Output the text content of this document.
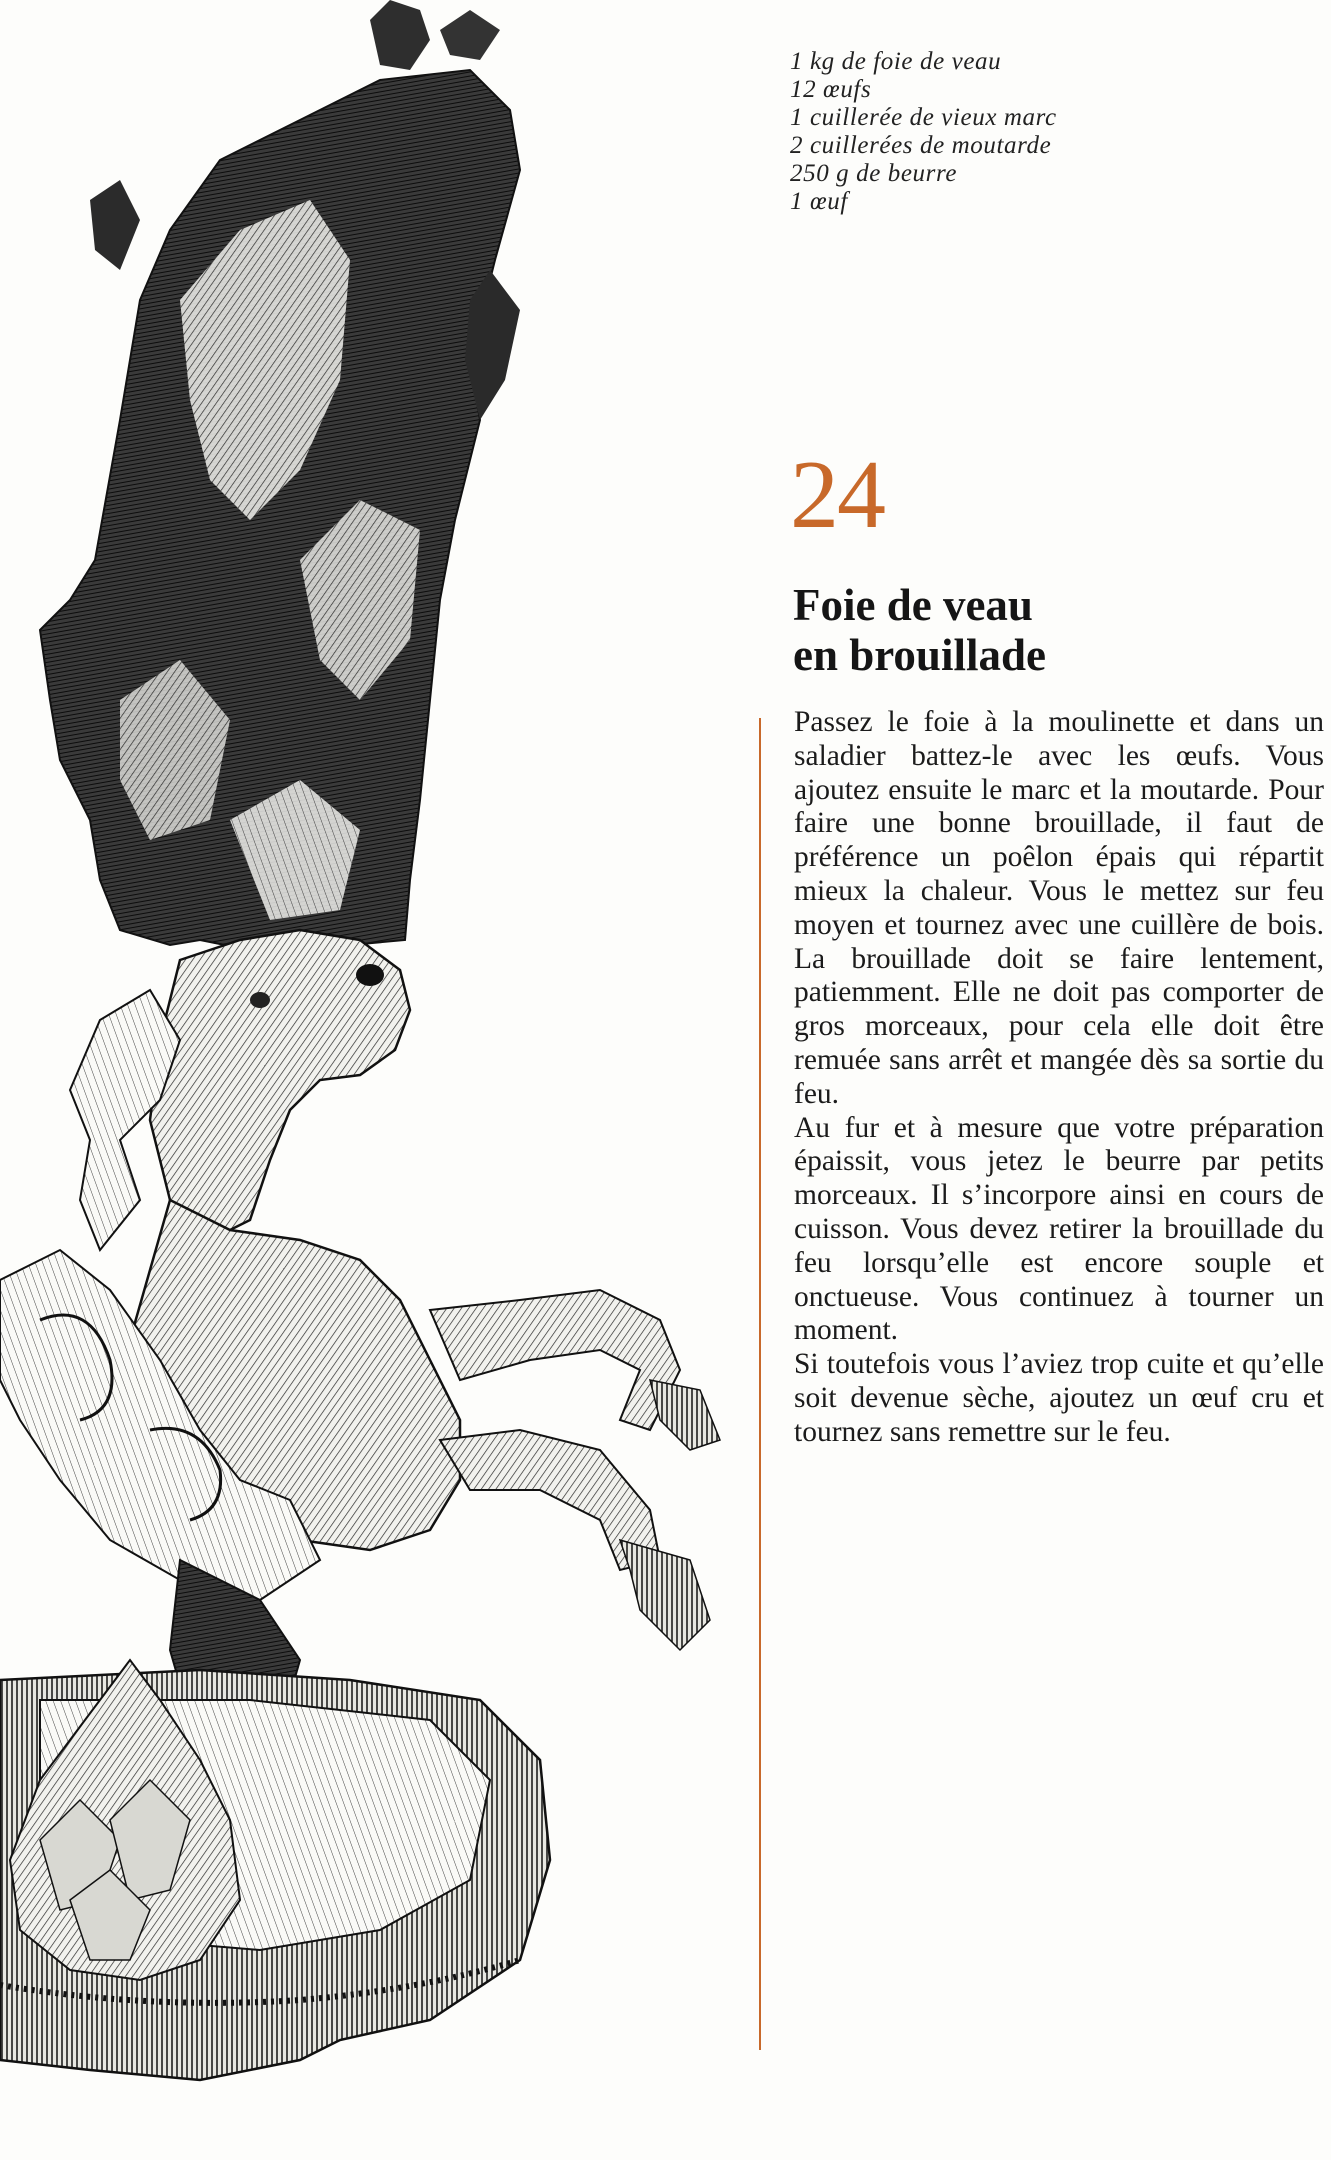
1 kg de foie de veau
12 œufs
1 cuillerée de vieux marc
2 cuillerées de moutarde
250 g de beurre
1 œuf
24
Foie de veau
en brouillade

Passez le foie à la moulinette et dans un saladier battez-le avec les œufs. Vous ajoutez ensuite le marc et la moutarde. Pour faire une bonne brouillade, il faut de préférence un poêlon épais qui répartit mieux la chaleur. Vous le mettez sur feu moyen et tournez avec une cuillère de bois. La brouillade doit se faire lentement, patiemment. Elle ne doit pas comporter de gros morceaux, pour cela elle doit être remuée sans arrêt et mangée dès sa sortie du feu.

Au fur et à mesure que votre préparation épaissit, vous jetez le beurre par petits morceaux. Il s’incorpore ainsi en cours de cuisson. Vous devez retirer la brouillade du feu lorsqu’elle est encore souple et onctueuse. Vous continuez à tourner un moment.

Si toutefois vous l’aviez trop cuite et qu’elle soit devenue sèche, ajoutez un œuf cru et tournez sans remettre sur le feu.
